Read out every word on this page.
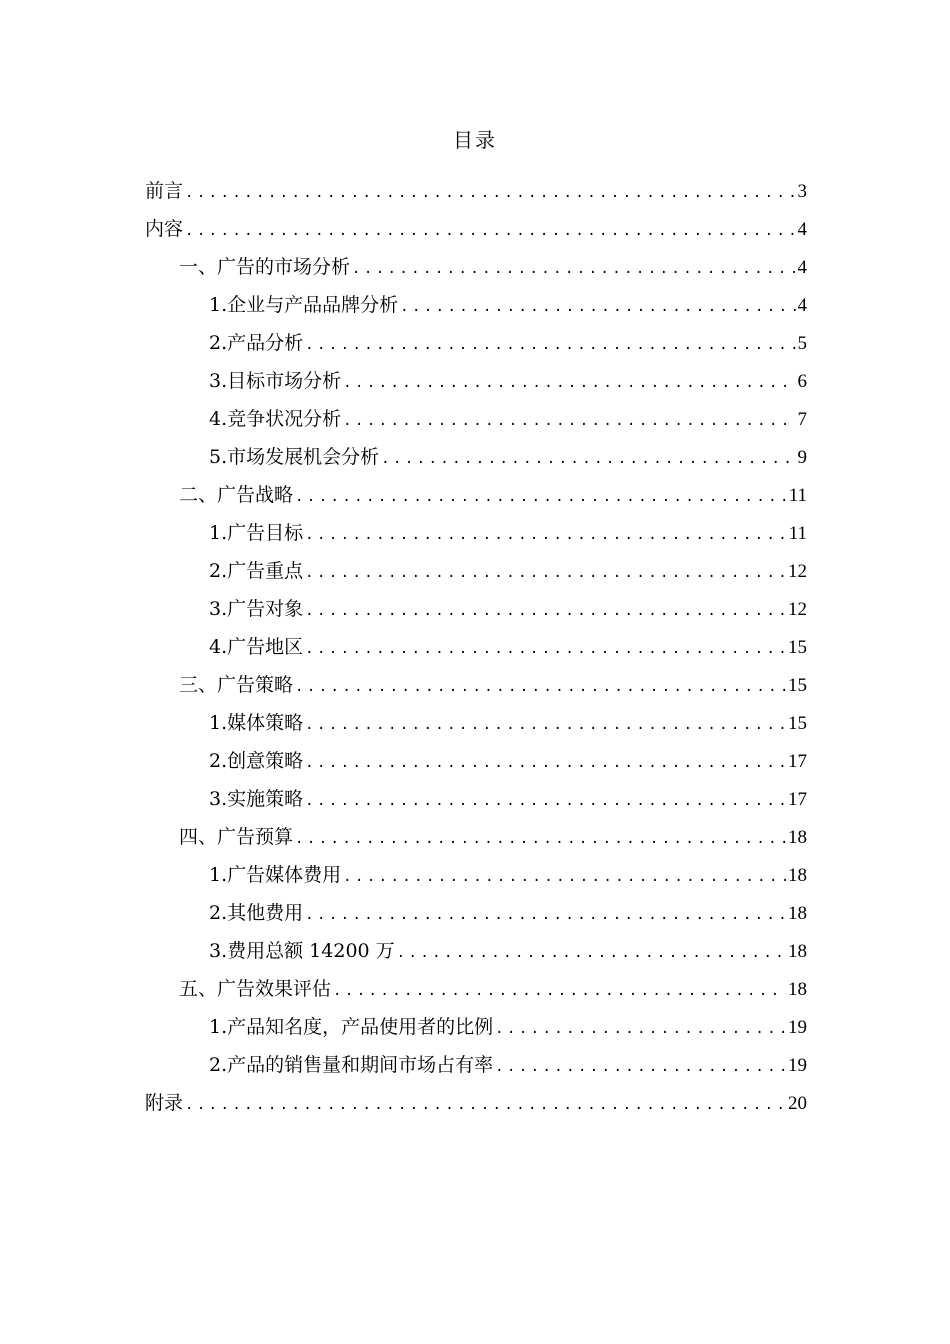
目录
前言 .....	3
内容 .....	4
一、 广告的市场分析 .....	4
1. 企业与产品品牌分析 .....	4
2. 产品分析 .....	5
3. 目标市场分析 .....	6
4. 竞争状况分析 .....	7
5. 市场发展机会分析 .....	9
二、 广告战略 .....	11
1. 广告目标 .....	11
2. 广告重点 .....	12
3. 广告对象 .....	12
4. 广告地区 .....	15
三、 广告策略 .....	15
1. 媒体策略 .....	15
2. 创意策略 .....	17
3. 实施策略 .....	17
四、 广告预算 .....	18
1. 广告媒体费用 .....	18
2. 其他费用 .....	18
3. 费用总额 14200 万 .....	18
五、 广告效果评估 .....	18
1. 产品知名度，产品使用者的比例 .....	19
2. 产品的销售量和期间市场占有率 .....	19
附录 .....	20
